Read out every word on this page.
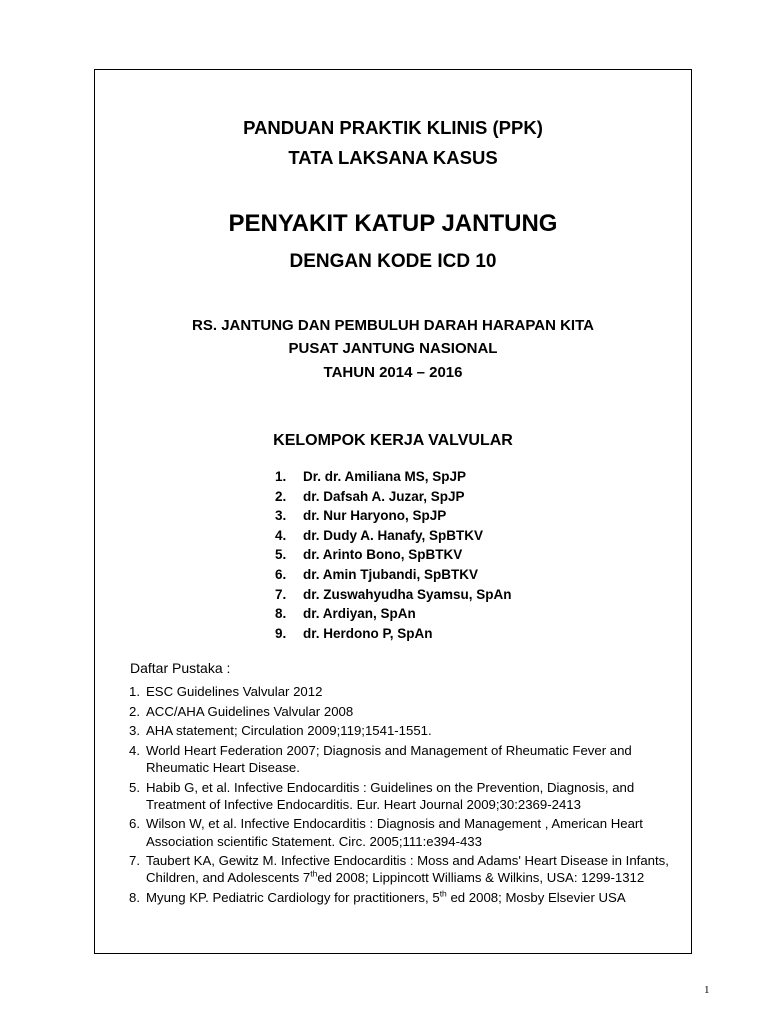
PANDUAN PRAKTIK KLINIS (PPK)
TATA LAKSANA KASUS
PENYAKIT KATUP JANTUNG
DENGAN KODE ICD 10
RS. JANTUNG DAN PEMBULUH DARAH HARAPAN KITA
PUSAT JANTUNG NASIONAL
TAHUN 2014 – 2016
KELOMPOK KERJA VALVULAR
1. Dr. dr. Amiliana MS, SpJP
2. dr. Dafsah A. Juzar, SpJP
3. dr. Nur Haryono, SpJP
4. dr. Dudy A. Hanafy, SpBTKV
5. dr. Arinto Bono, SpBTKV
6. dr. Amin Tjubandi, SpBTKV
7. dr. Zuswahyudha Syamsu, SpAn
8. dr. Ardiyan, SpAn
9. dr. Herdono P, SpAn
Daftar Pustaka :
1. ESC Guidelines Valvular 2012
2. ACC/AHA Guidelines Valvular 2008
3. AHA statement; Circulation 2009;119;1541-1551.
4. World Heart Federation 2007; Diagnosis and Management of Rheumatic Fever and Rheumatic Heart Disease.
5. Habib G, et al. Infective Endocarditis : Guidelines on the Prevention, Diagnosis, and Treatment of Infective Endocarditis. Eur. Heart Journal 2009;30:2369-2413
6. Wilson W, et al. Infective Endocarditis : Diagnosis and Management , American Heart Association scientific Statement. Circ. 2005;111:e394-433
7. Taubert KA, Gewitz M. Infective Endocarditis : Moss and Adams' Heart Disease in Infants, Children, and Adolescents 7thed 2008; Lippincott Williams & Wilkins, USA: 1299-1312
8. Myung KP. Pediatric Cardiology for practitioners, 5th ed 2008; Mosby Elsevier USA
1
